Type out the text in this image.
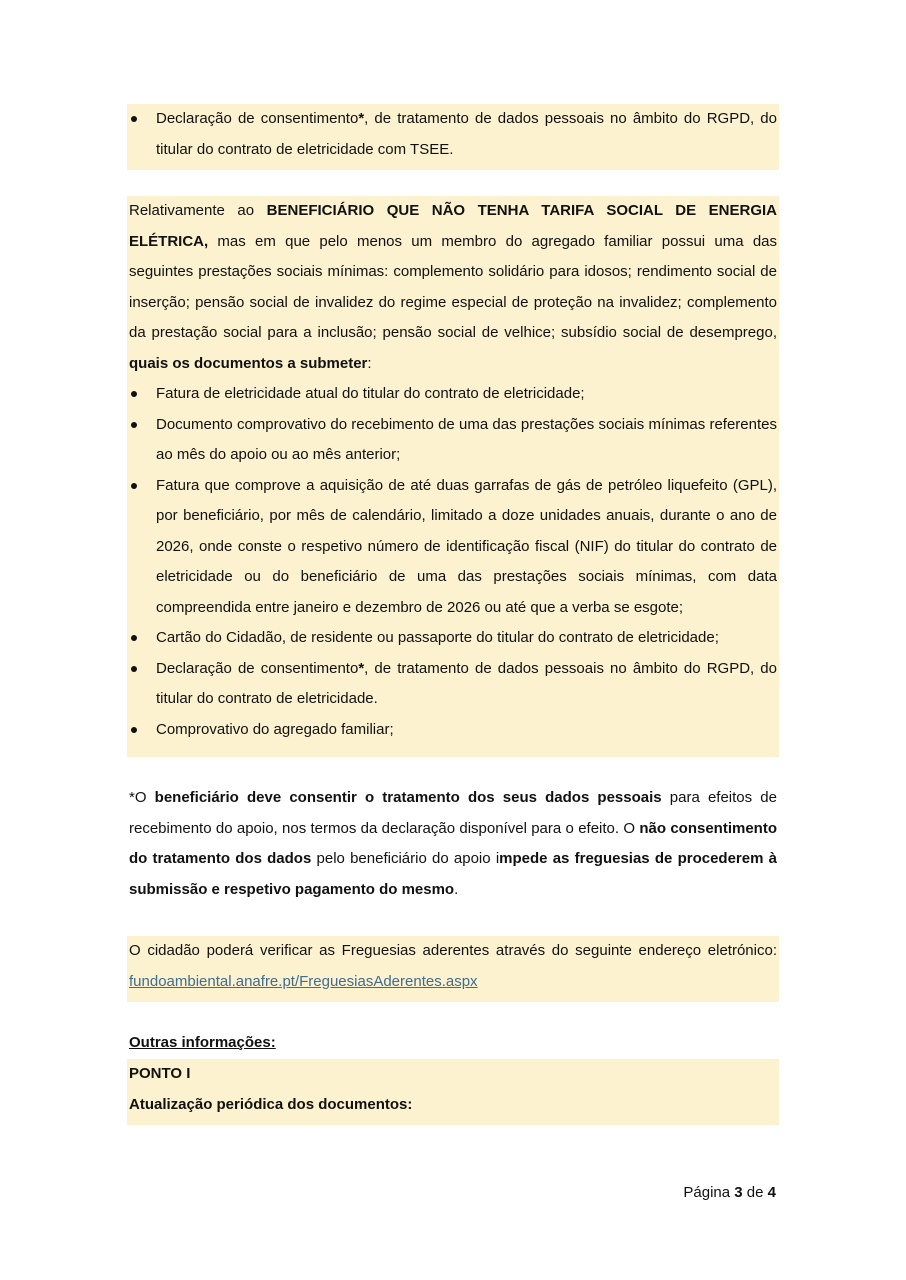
Declaração de consentimento*, de tratamento de dados pessoais no âmbito do RGPD, do titular do contrato de eletricidade com TSEE.
Relativamente ao BENEFICIÁRIO QUE NÃO TENHA TARIFA SOCIAL DE ENERGIA ELÉTRICA, mas em que pelo menos um membro do agregado familiar possui uma das seguintes prestações sociais mínimas: complemento solidário para idosos; rendimento social de inserção; pensão social de invalidez do regime especial de proteção na invalidez; complemento da prestação social para a inclusão; pensão social de velhice; subsídio social de desemprego, quais os documentos a submeter:
Fatura de eletricidade atual do titular do contrato de eletricidade;
Documento comprovativo do recebimento de uma das prestações sociais mínimas referentes ao mês do apoio ou ao mês anterior;
Fatura que comprove a aquisição de até duas garrafas de gás de petróleo liquefeito (GPL), por beneficiário, por mês de calendário, limitado a doze unidades anuais, durante o ano de 2026, onde conste o respetivo número de identificação fiscal (NIF) do titular do contrato de eletricidade ou do beneficiário de uma das prestações sociais mínimas, com data compreendida entre janeiro e dezembro de 2026 ou até que a verba se esgote;
Cartão do Cidadão, de residente ou passaporte do titular do contrato de eletricidade;
Declaração de consentimento*, de tratamento de dados pessoais no âmbito do RGPD, do titular do contrato de eletricidade.
Comprovativo do agregado familiar;
*O beneficiário deve consentir o tratamento dos seus dados pessoais para efeitos de recebimento do apoio, nos termos da declaração disponível para o efeito. O não consentimento do tratamento dos dados pelo beneficiário do apoio impede as freguesias de procederem à submissão e respetivo pagamento do mesmo.
O cidadão poderá verificar as Freguesias aderentes através do seguinte endereço eletrónico: fundoambiental.anafre.pt/FreguesiasAderentes.aspx
Outras informações:
PONTO I
Atualização periódica dos documentos:
Página 3 de 4
